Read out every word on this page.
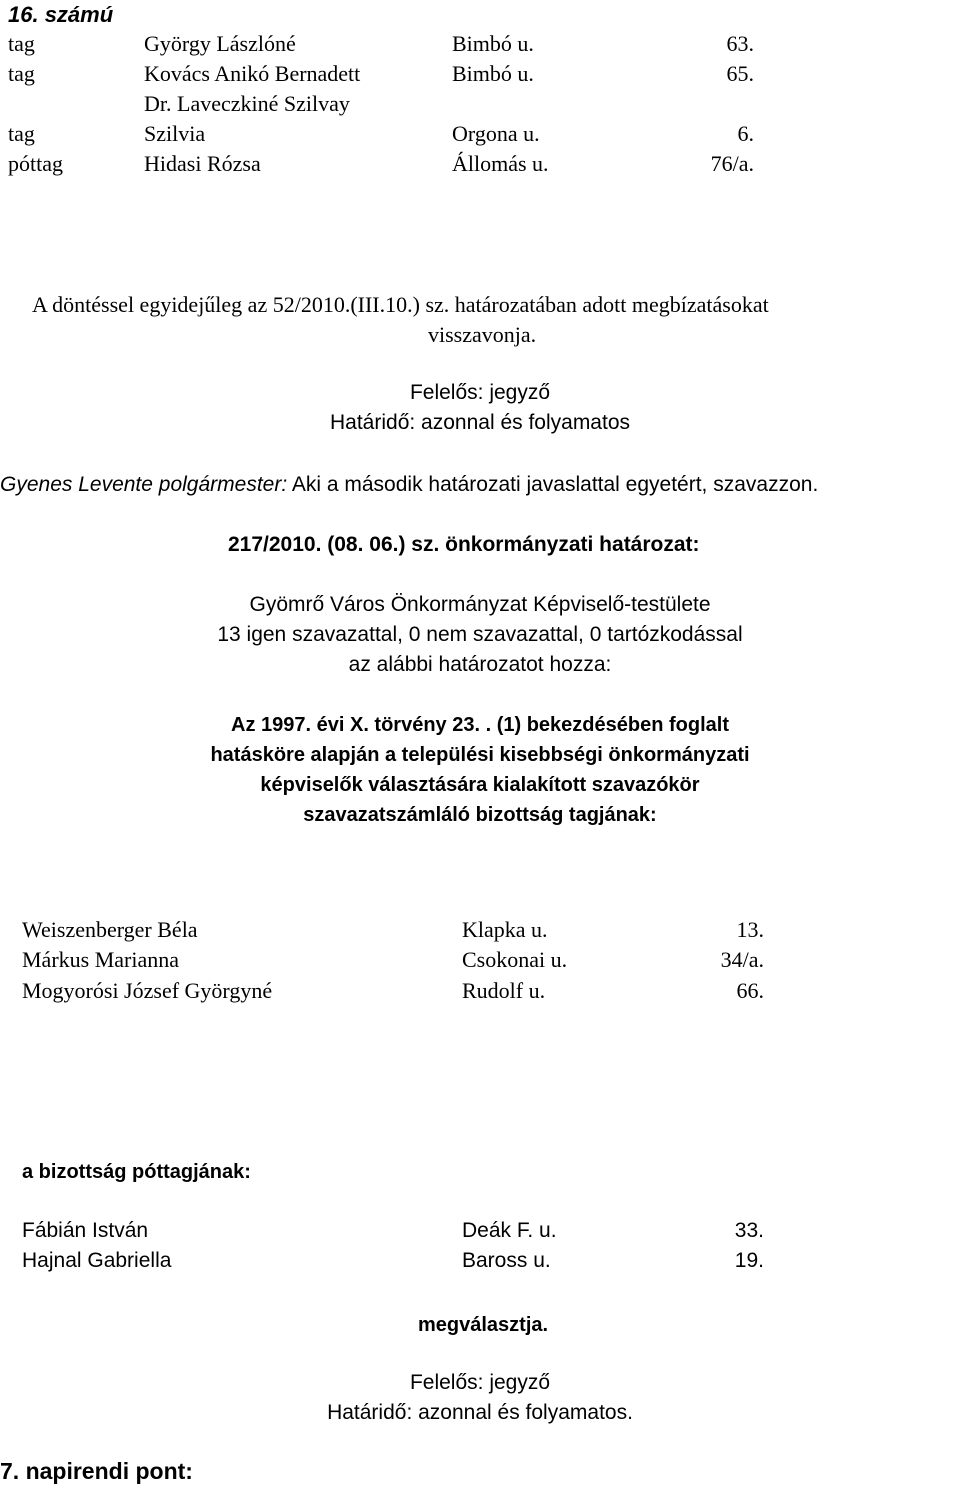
16. számú
tag	György Lászlóné	Bimbó u.	63.
tag	Kovács Anikó Bernadett	Bimbó u.	65.
Dr. Laveczkiné Szilvay
tag	Szilvia	Orgona u.	6.
póttag	Hidasi Rózsa	Állomás u.	76/a.
A döntéssel egyidejűleg az 52/2010.(III.10.) sz. határozatában adott megbízatásokat
visszavonja.
Felelős: jegyző
Határidő: azonnal és folyamatos
Gyenes Levente polgármester: Aki a második határozati javaslattal egyetért, szavazzon.
217/2010. (08. 06.) sz. önkormányzati határozat:
Gyömrő Város Önkormányzat Képviselő-testülete
13 igen szavazattal, 0 nem szavazattal, 0 tartózkodással
az alábbi határozatot hozza:
Az 1997. évi X. törvény 23. . (1) bekezdésében foglalt
hatásköre alapján a települési kisebbségi önkormányzati
képviselők választására kialakított szavazókör
szavazatszámláló bizottság tagjának:
Weiszenberger Béla	Klapka u.	13.
Márkus Marianna	Csokonai u.	34/a.
Mogyorósi József Györgyné	Rudolf u.	66.
a bizottság póttagjának:
Fábián István	Deák F. u.	33.
Hajnal Gabriella	Baross u.	19.
megválasztja.
Felelős: jegyző
Határidő: azonnal és folyamatos.
7. napirendi pont:
